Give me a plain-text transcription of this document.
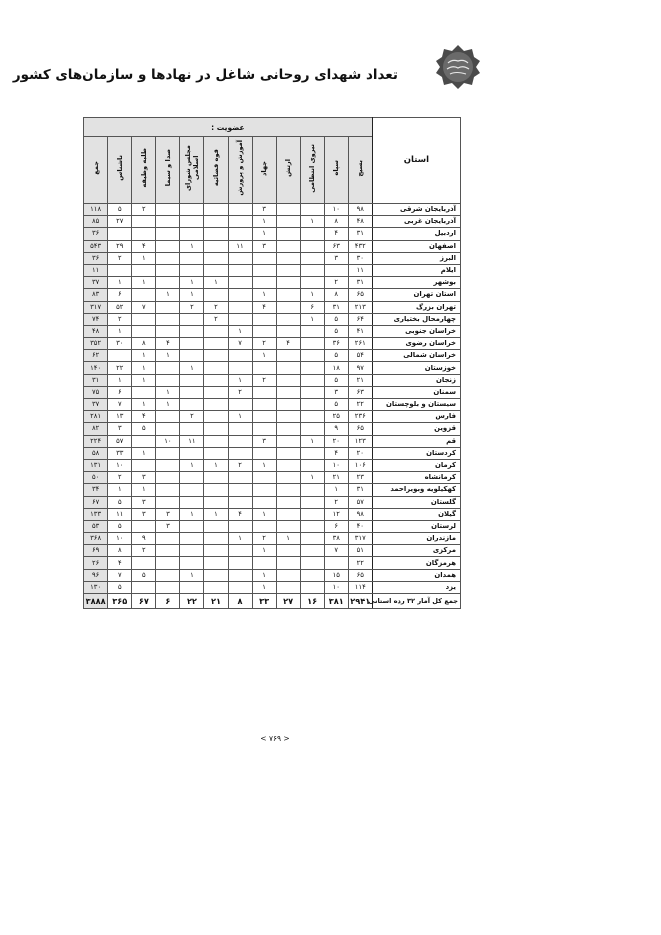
تعداد شهدای روحانی شاغل در نهادها و سازمان‌های کشور
استان	عضویت :											
	بسیج	سپاه	نیروی انتظامی	ارتش	جهاد	آموزش و پرورش	قوه قضائیه	مجلس شورای اسلامی	صدا و سیما	طلبه وظیفه	ناشناس	جمع
آذربایجان شرقی	۹۸	۱۰			۳					۲	۵	۱۱۸
آذربایجان غربی	۴۸	۸	۱		۱						۲۷	۸۵
اردبیل	۳۱	۴			۱							۳۶
اصفهان	۴۳۲	۶۳			۳	۱۱		۱		۴	۲۹	۵۴۳
البرز	۳۰	۳								۱	۲	۳۶
ایلام	۱۱											۱۱
بوشهر	۳۱	۲					۱	۱		۱	۱	۳۷
استان تهران	۶۵	۸	۱		۱			۱	۱		۶	۸۳
تهران بزرگ	۲۱۳	۳۱	۶		۴		۲	۲		۷	۵۲	۳۱۷
چهارمحال بختیاری	۶۴	۵	۱				۲				۲	۷۴
خراسان جنوبی	۴۱	۵				۱					۱	۴۸
خراسان رضوی	۲۶۱	۳۶		۴	۲	۷			۴	۸	۳۰	۳۵۲
خراسان شمالی	۵۴	۵			۱				۱	۱		۶۲
خوزستان	۹۷	۱۸						۱		۱	۲۲	۱۴۰
زنجان	۲۱	۵			۲	۱				۱	۱	۳۱
سمنان	۶۳	۳				۲			۱		۶	۷۵
سیستان و بلوچستان	۲۲	۵							۱	۱	۷	۳۷
فارس	۲۳۶	۲۵				۱		۲		۴	۱۳	۲۸۱
قزوین	۶۵	۹								۵	۳	۸۲
قم	۱۲۳	۲۰	۱		۳			۱۱	۱۰		۵۷	۲۲۴
کردستان	۲۰	۴								۱	۳۳	۵۸
کرمان	۱۰۶	۱۰			۱	۲	۱	۱			۱۰	۱۳۱
کرمانشاه	۲۳	۲۱	۱							۳	۲	۵۰
کهکیلویه وبویراحمد	۳۱	۱								۱	۱	۳۴
گلستان	۵۷	۲								۳	۵	۶۷
گیلان	۹۸	۱۲			۱	۴	۱	۱	۳	۳	۱۱	۱۳۳
لرستان	۴۰	۶							۳		۵	۵۳
مازندران	۳۱۷	۳۸		۱	۲	۱				۹	۱۰	۳۶۸
مرکزی	۵۱	۷			۱					۲	۸	۶۹
هرمزگان	۲۲										۴	۲۶
همدان	۶۵	۱۵			۱			۱		۵	۷	۹۶
یزد	۱۱۴	۱۰			۱						۵	۱۳۰
جمع کل آمار ۳۲ رده استانی	۲۹۴۱	۳۸۱	۱۶	۲۷	۳۳	۸	۲۱	۲۲	۶	۶۷	۳۶۵	۳۸۸۸
< ۷۶۹ >
